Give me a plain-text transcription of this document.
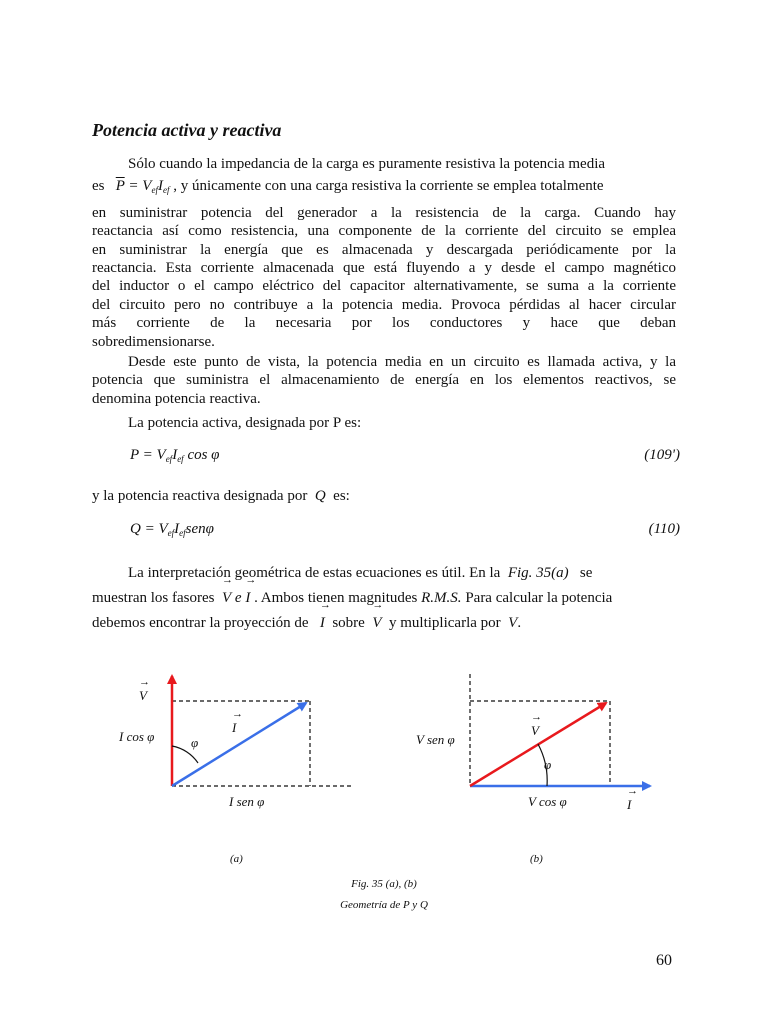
Potencia activa y reactiva
Sólo cuando la impedancia de la carga es puramente resistiva la potencia media
es $\overline{P} = V_{ef}I_{ef}$ , y únicamente con una carga resistiva la corriente se emplea totalmente
en suministrar potencia del generador a la resistencia de la carga. Cuando hay
reactancia así como resistencia, una componente de la corriente del circuito se emplea
en suministrar la energía que es almacenada y descargada periódicamente por la
reactancia. Esta corriente almacenada que está fluyendo a y desde el campo magnético
del inductor o el campo eléctrico del capacitor alternativamente, se suma a la corriente
del circuito pero no contribuye a la potencia media. Provoca pérdidas al hacer circular
más corriente de la necesaria por los conductores y hace que deban
sobredimensionarse.
Desde este punto de vista, la potencia media en un circuito es llamada activa, y la
potencia que suministra el almacenamiento de energía en los elementos reactivos, se
denomina potencia reactiva.
La potencia activa, designada por P es:
$P = V_{ef}I_{ef}$ cos φ	(109')
y la potencia reactiva designada por Q es:
$Q = V_{ef}I_{ef}sen\varphi$	(110)
La interpretación geométrica de estas ecuaciones es útil. En la Fig. 35(a) se
muestran los fasores → V e → I . Ambos tienen magnitudes R.M.S. Para calcular la potencia
debemos encontrar la proyección de → I sobre → V y multiplicarla por V.
→ V
I cos φ
→ I
φ
I sen φ
V sen φ
→ V
φ
V cos φ	→ I
(a)	(b)
Fig. 35 (a), (b)
Geometría de P y Q
60
